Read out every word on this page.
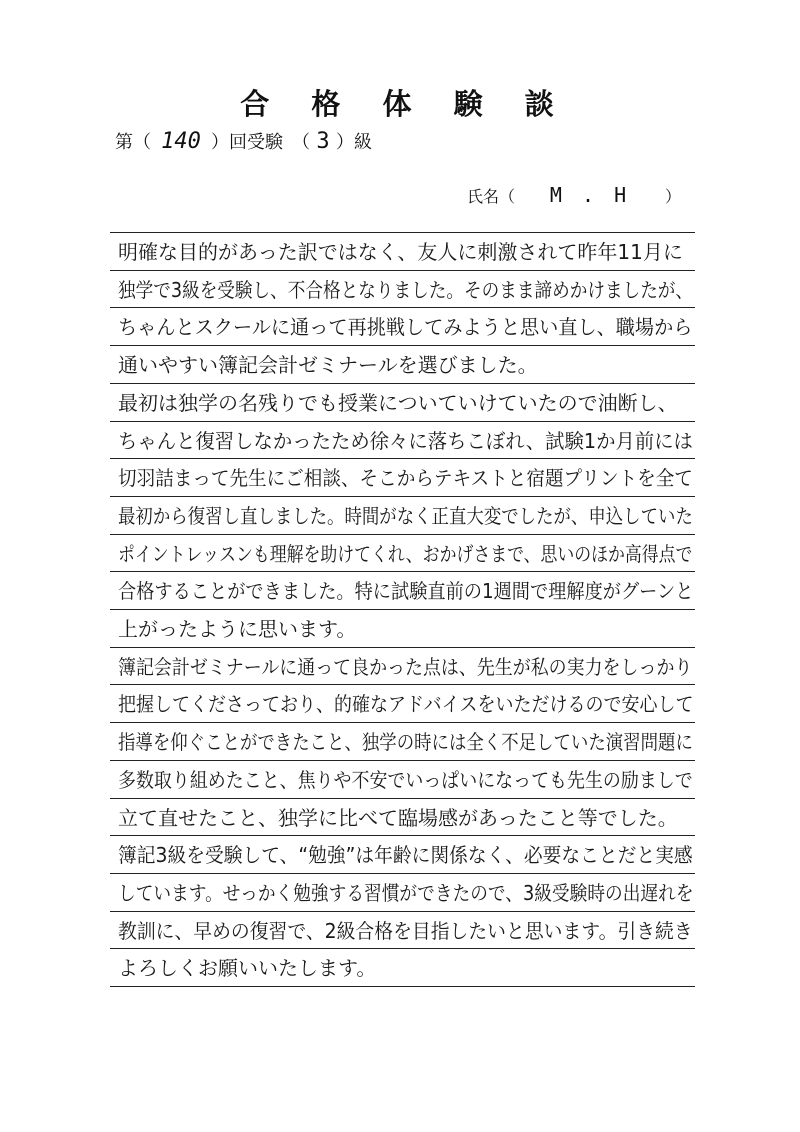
合 格 体 験 談
第（ 140 ）回受験　（ 3 ）級
氏名（ M . H ）
明確な目的があった訳ではなく、友人に刺激されて昨年11月に
独学で3級を受験し、不合格となりました。そのまま諦めかけましたが、
ちゃんとスクールに通って再挑戦してみようと思い直し、職場から
通いやすい簿記会計ゼミナールを選びました。
最初は独学の名残りでも授業についていけていたので油断し、
ちゃんと復習しなかったため徐々に落ちこぼれ、試験1か月前には
切羽詰まって先生にご相談、そこからテキストと宿題プリントを全て
最初から復習し直しました。時間がなく正直大変でしたが、申込していた
ポイントレッスンも理解を助けてくれ、おかげさまで、思いのほか高得点で
合格することができました。特に試験直前の1週間で理解度がグーンと
上がったように思います。
簿記会計ゼミナールに通って良かった点は、先生が私の実力をしっかり
把握してくださっており、的確なアドバイスをいただけるので安心して
指導を仰ぐことができたこと、独学の時には全く不足していた演習問題に
多数取り組めたこと、焦りや不安でいっぱいになっても先生の励ましで
立て直せたこと、独学に比べて臨場感があったこと等でした。
簿記3級を受験して、“勉強”は年齢に関係なく、必要なことだと実感
しています。せっかく勉強する習慣ができたので、3級受験時の出遅れを
教訓に、早めの復習で、2級合格を目指したいと思います。引き続き
よろしくお願いいたします。
